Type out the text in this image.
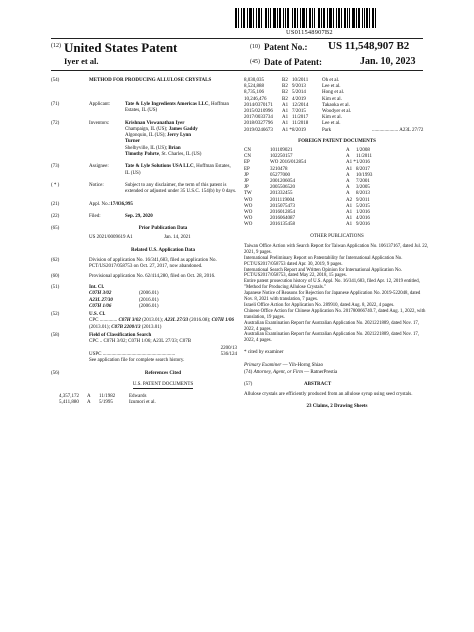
US011548907B2
(12) United States Patent
Iyer et al.
(10) Patent No.: US 11,548,907 B2
(45) Date of Patent:	Jan. 10, 2023
(54)	METHOD FOR PRODUCING ALLULOSE CRYSTALS
(71)	Applicant:	Tate & Lyle Ingredients Americas LLC, Hoffman Estates, IL (US)
(72)	Inventors:	Krishnan Viswanathan Iyer
Champaign, IL (US); James Gaddy
Algonquin, IL (US); Jerry Lynn
Turner
Shelbyville, IL (US); Brian
Timothy Pohrte, St. Charles, IL (US)
(73)	Assignee:	Tate & Lyle Solutions USA LLC, Hoffman Estates, IL (US)
( * )	Notice:	Subject to any disclaimer, the term of this patent is extended or adjusted under 35 U.S.C. 154(b) by 0 days.
(21)	Appl. No.: 17/036,995
(22)	Filed:	Sep. 29, 2020
(65)	Prior Publication Data
US 2021/0009619 A1	Jan. 14, 2021
Related U.S. Application Data
(62)	Division of application No. 16/341,683, filed as application No. PCT/US2017/058753 on Oct. 27, 2017, now abandoned.
(60)	Provisional application No. 62/414,280, filed on Oct. 28, 2016.
(51)	Int. Cl.
C07H 3/02	(2006.01)
A23L 27/30	(2016.01)
C07H 1/06	(2006.01)
(52)	U.S. Cl.
CPC .............. C07H 3/02 (2013.01); A23L 27/33 (2016.08); C07H 1/06 (2013.01); C07B 2200/13 (2013.01)
(58)	Field of Classification Search
CPC .. C07H 3/02; C07H 1/06; A23L 27/33; C07B
2200/13
USPC ..........................................................	536/124
See application file for complete search history.
(56)	References Cited
U.S. PATENT DOCUMENTS
4,357,172	A	11/1982	Edwards
5,411,880	A	5/1995	Izumori et al.
8,030,035	B2 10/2011	Oh et al.
8,524,888	B2 9/2013	Lee et al.
8,735,106	B2 5/2014	Hong et al.
10,246,476	B2 4/2019	Kim et al.
2014/0370171	A1 12/2014	Takaoka et al.
2015/0210996	A1 7/2015	Woodyer et al.
2017/0033734	A1 11/2017	Kim et al.
2018/0327796	A1 11/2018	Lee et al.
2019/0246673	A1 * 8/2019	Park	..................... A23L 27/72
FOREIGN PATENT DOCUMENTS
CN	101109021	A	1/2008
CN	102250157	A	11/2011
EP	WO 2016/012854	A1 * 1/2016
EP	3210478	A1 8/2017
JP	05277000	A	10/1993
JP	2001206054	A	7/2001
JP	2005506520	A	3/2005
TW	201332455	A	8/2013
WO	2011119004	A2 9/2011
WO	2015075473	A1 5/2015
WO	2016012854	A1 1/2016
WO	2016064087	A1 4/2016
WO	2016135458	A1 9/2016
OTHER PUBLICATIONS
Taiwan Office Action with Search Report for Taiwan Application No. 106137167, dated Jul. 22, 2021, 9 pages.
International Preliminary Report on Patentability for International Application No. PCT/US2017/058753 dated Apr. 30, 2019, 9 pages.
International Search Report and Written Opinion for International Application No. PCT/US2017/058753, dated May 22, 2018, 15 pages.
Entire patent prosecution history of U.S. Appl. No. 16/341,683, filed Apr. 12, 2019 entitled, "Method for Producing Allulose Crystals."
Japanese Notice of Reasons for Rejection for Japanese Application No. 2019-522048, dated Nov. 8, 2021 with translation, 7 pages.
Israeli Office Action for Application No. 289910, dated Aug. 8, 2022, 4 pages.
Chinese Office Action for Chinese Application No. 201780066740.7, dated Aug. 1, 2022, with translation, 19 pages.
Australian Examination Report for Australian Application No. 2021221889, dated Nov. 17, 2022, 4 pages.
Australian Examination Report for Australian Application No. 2021221889, dated Nov. 17, 2022, 4 pages.
* cited by examiner
Primary Examiner — Yih-Horng Shiao
(74) Attorney, Agent, or Firm — RatnerPrestia
(57)	ABSTRACT
Allulose crystals are efficiently produced from an allulose syrup using seed crystals.
23 Claims, 2 Drawing Sheets
